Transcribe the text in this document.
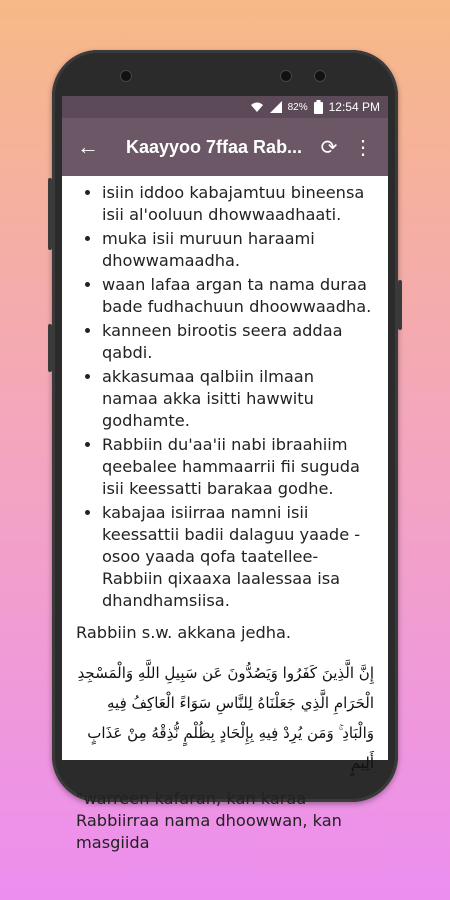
82% 12:54 PM
←	Kaayyoo 7ffaa Rab... ⟳ ⋮
• isiin iddoo kabajamtuu bineensa isii al'ooluun dhowwaadhaati.
• muka isii muruun haraami dhowwamaadha.
• waan lafaa argan ta nama duraa bade fudhachuun dhoowwaadha.
• kanneen birootis seera addaa qabdi.
• akkasumaa qalbiin ilmaan namaa akka isitti hawwitu godhamte.
• Rabbiin du'aa'ii nabi ibraahiim qeebalee hammaarrii fii suguda isii keessatti barakaa godhe.
• kabajaa isiirraa namni isii keessattii badii dalaguu yaade -osoo yaada qofa taatellee- Rabbiin qixaaxa laalessaa isa dhandhamsiisa.
Rabbiin s.w. akkana jedha.
إِنَّ الَّذِينَ كَفَرُوا وَيَصُدُّونَ عَن سَبِيلِ اللَّهِ وَالْمَسْجِدِ الْحَرَامِ الَّذِي جَعَلْنَاهُ لِلنَّاسِ سَوَاءً الْعَاكِفُ فِيهِ وَالْبَادِ ۚ وَمَن يُرِدْ فِيهِ بِإِلْحَادٍ بِظُلْمٍ نُّذِقْهُ مِنْ عَذَابٍ أَلِيمٍ
"warreen kafaran, kan karaa Rabbiirraa nama dhoowwan, kan masgiida
